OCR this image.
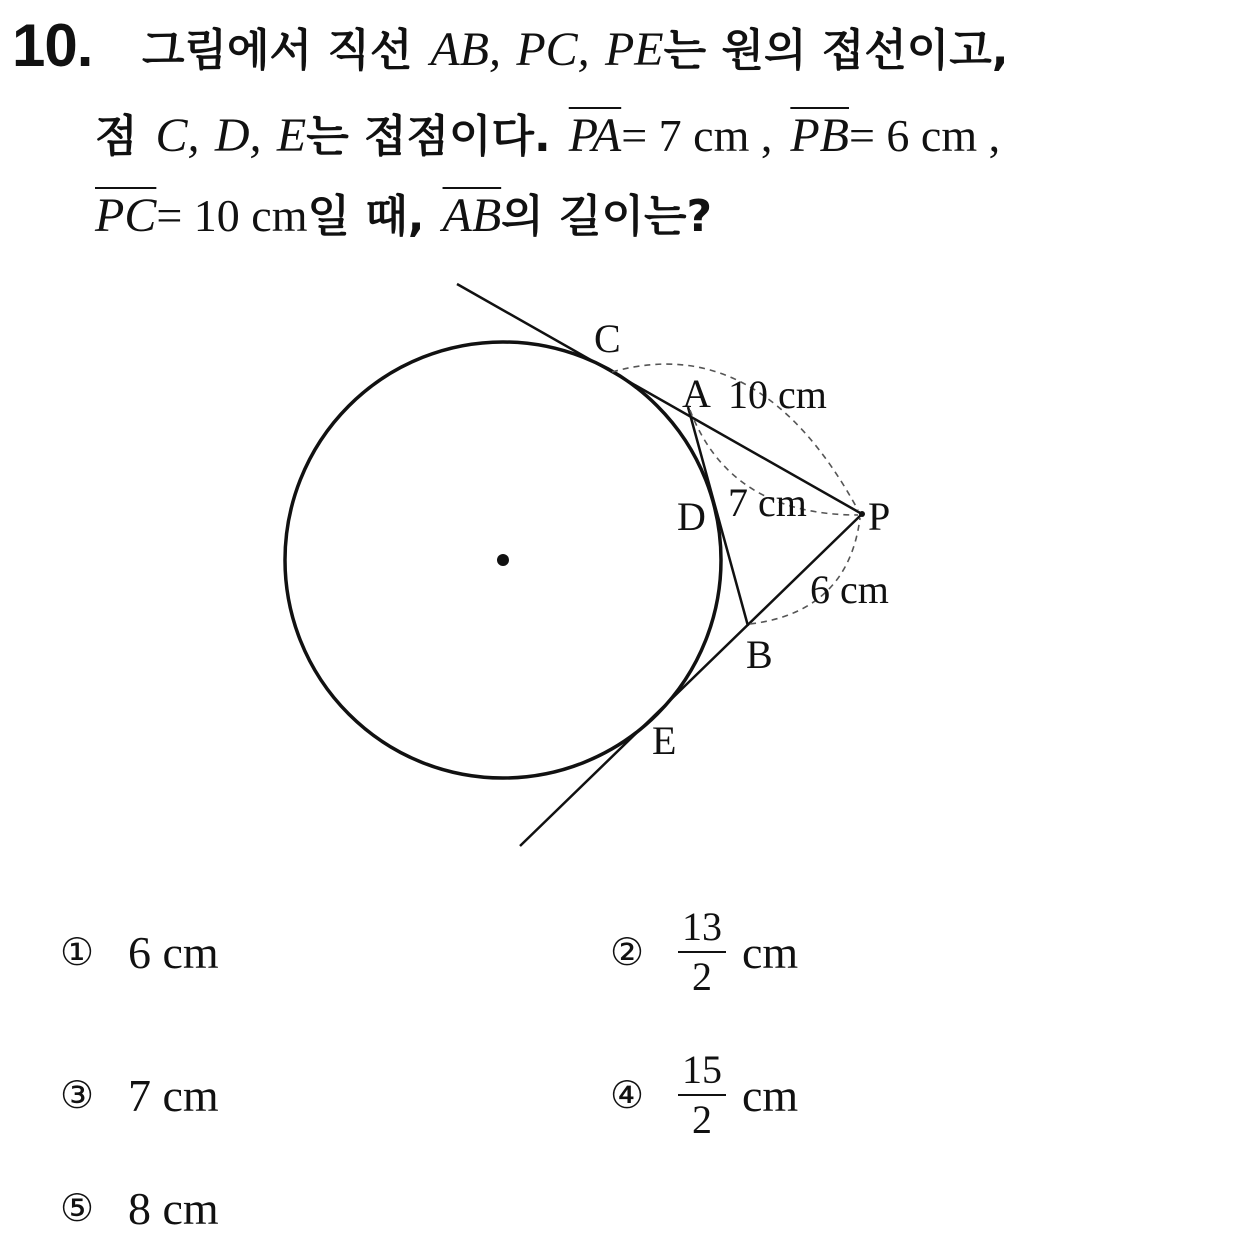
10. 그림에서 직선 AB, PC, PE는 원의 접선이고,
점 C, D, E는 접점이다. $\overline{PA}= 7$ cm , $\overline{PB}= 6$ cm ,
$\overline{PC}= 10$ cm일 때, $\overline{AB}$의 길이는?
C
A
D	P
B
E
10 cm
7 cm
6 cm
① 6 cm	② $\frac{13}{2}$ cm
③ 7 cm	④ $\frac{15}{2}$ cm
⑤ 8 cm
